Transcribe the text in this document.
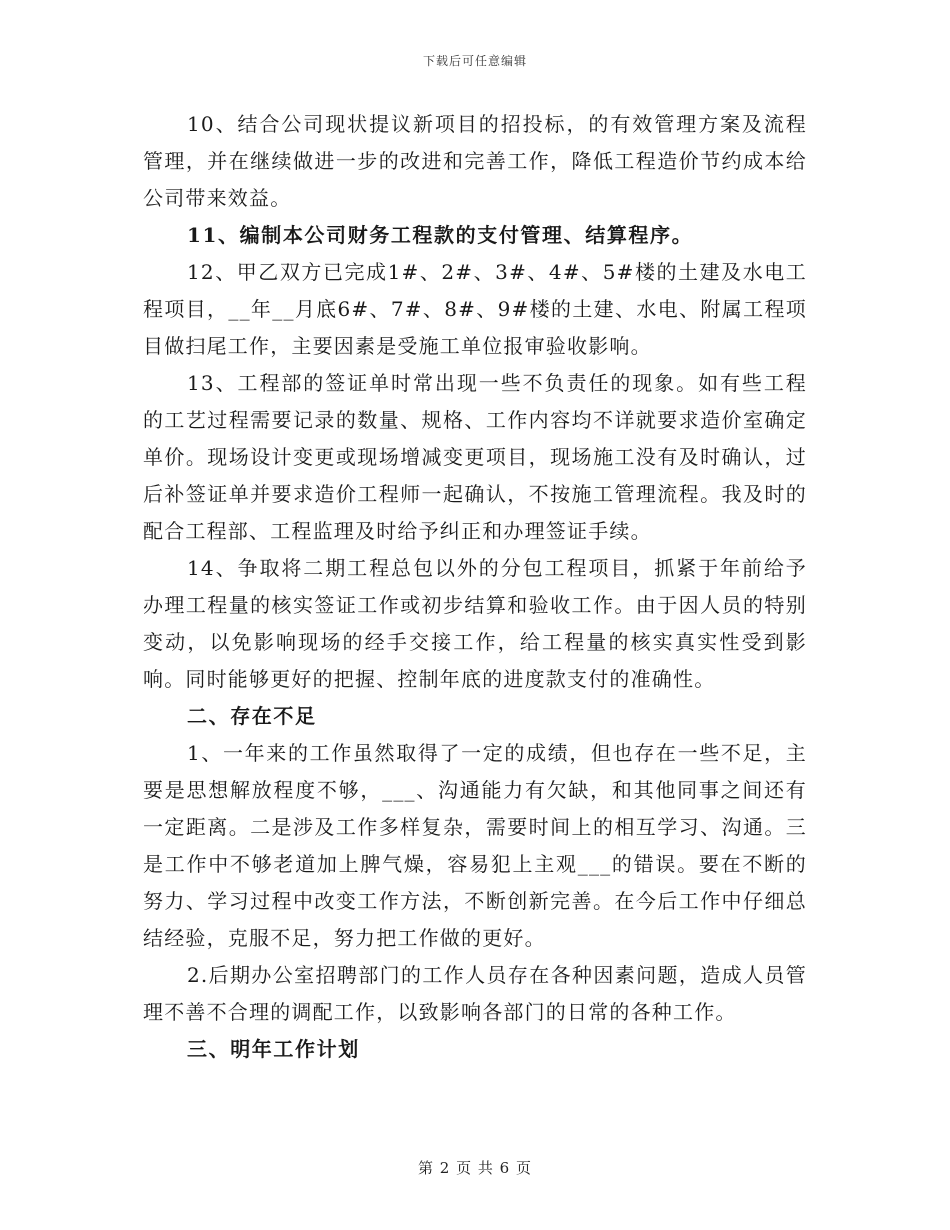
下载后可任意编辑

10、结合公司现状提议新项目的招投标，的有效管理方案及流程管理，并在继续做进一步的改进和完善工作，降低工程造价节约成本给公司带来效益。

11、编制本公司财务工程款的支付管理、结算程序。

12、甲乙双方已完成1#、2#、3#、4#、5#楼的土建及水电工程项目，__年__月底6#、7#、8#、9#楼的土建、水电、附属工程项目做扫尾工作，主要因素是受施工单位报审验收影响。

13、工程部的签证单时常出现一些不负责任的现象。如有些工程的工艺过程需要记录的数量、规格、工作内容均不详就要求造价室确定单价。现场设计变更或现场增减变更项目，现场施工没有及时确认，过后补签证单并要求造价工程师一起确认，不按施工管理流程。我及时的配合工程部、工程监理及时给予纠正和办理签证手续。

14、争取将二期工程总包以外的分包工程项目，抓紧于年前给予办理工程量的核实签证工作或初步结算和验收工作。由于因人员的特别变动，以免影响现场的经手交接工作，给工程量的核实真实性受到影响。同时能够更好的把握、控制年底的进度款支付的准确性。

二、存在不足

1、一年来的工作虽然取得了一定的成绩，但也存在一些不足，主要是思想解放程度不够，___、沟通能力有欠缺，和其他同事之间还有一定距离。二是涉及工作多样复杂，需要时间上的相互学习、沟通。三是工作中不够老道加上脾气燥，容易犯上主观___的错误。要在不断的努力、学习过程中改变工作方法，不断创新完善。在今后工作中仔细总结经验，克服不足，努力把工作做的更好。

2.后期办公室招聘部门的工作人员存在各种因素问题，造成人员管理不善不合理的调配工作，以致影响各部门的日常的各种工作。

三、明年工作计划

第 2 页 共 6 页
